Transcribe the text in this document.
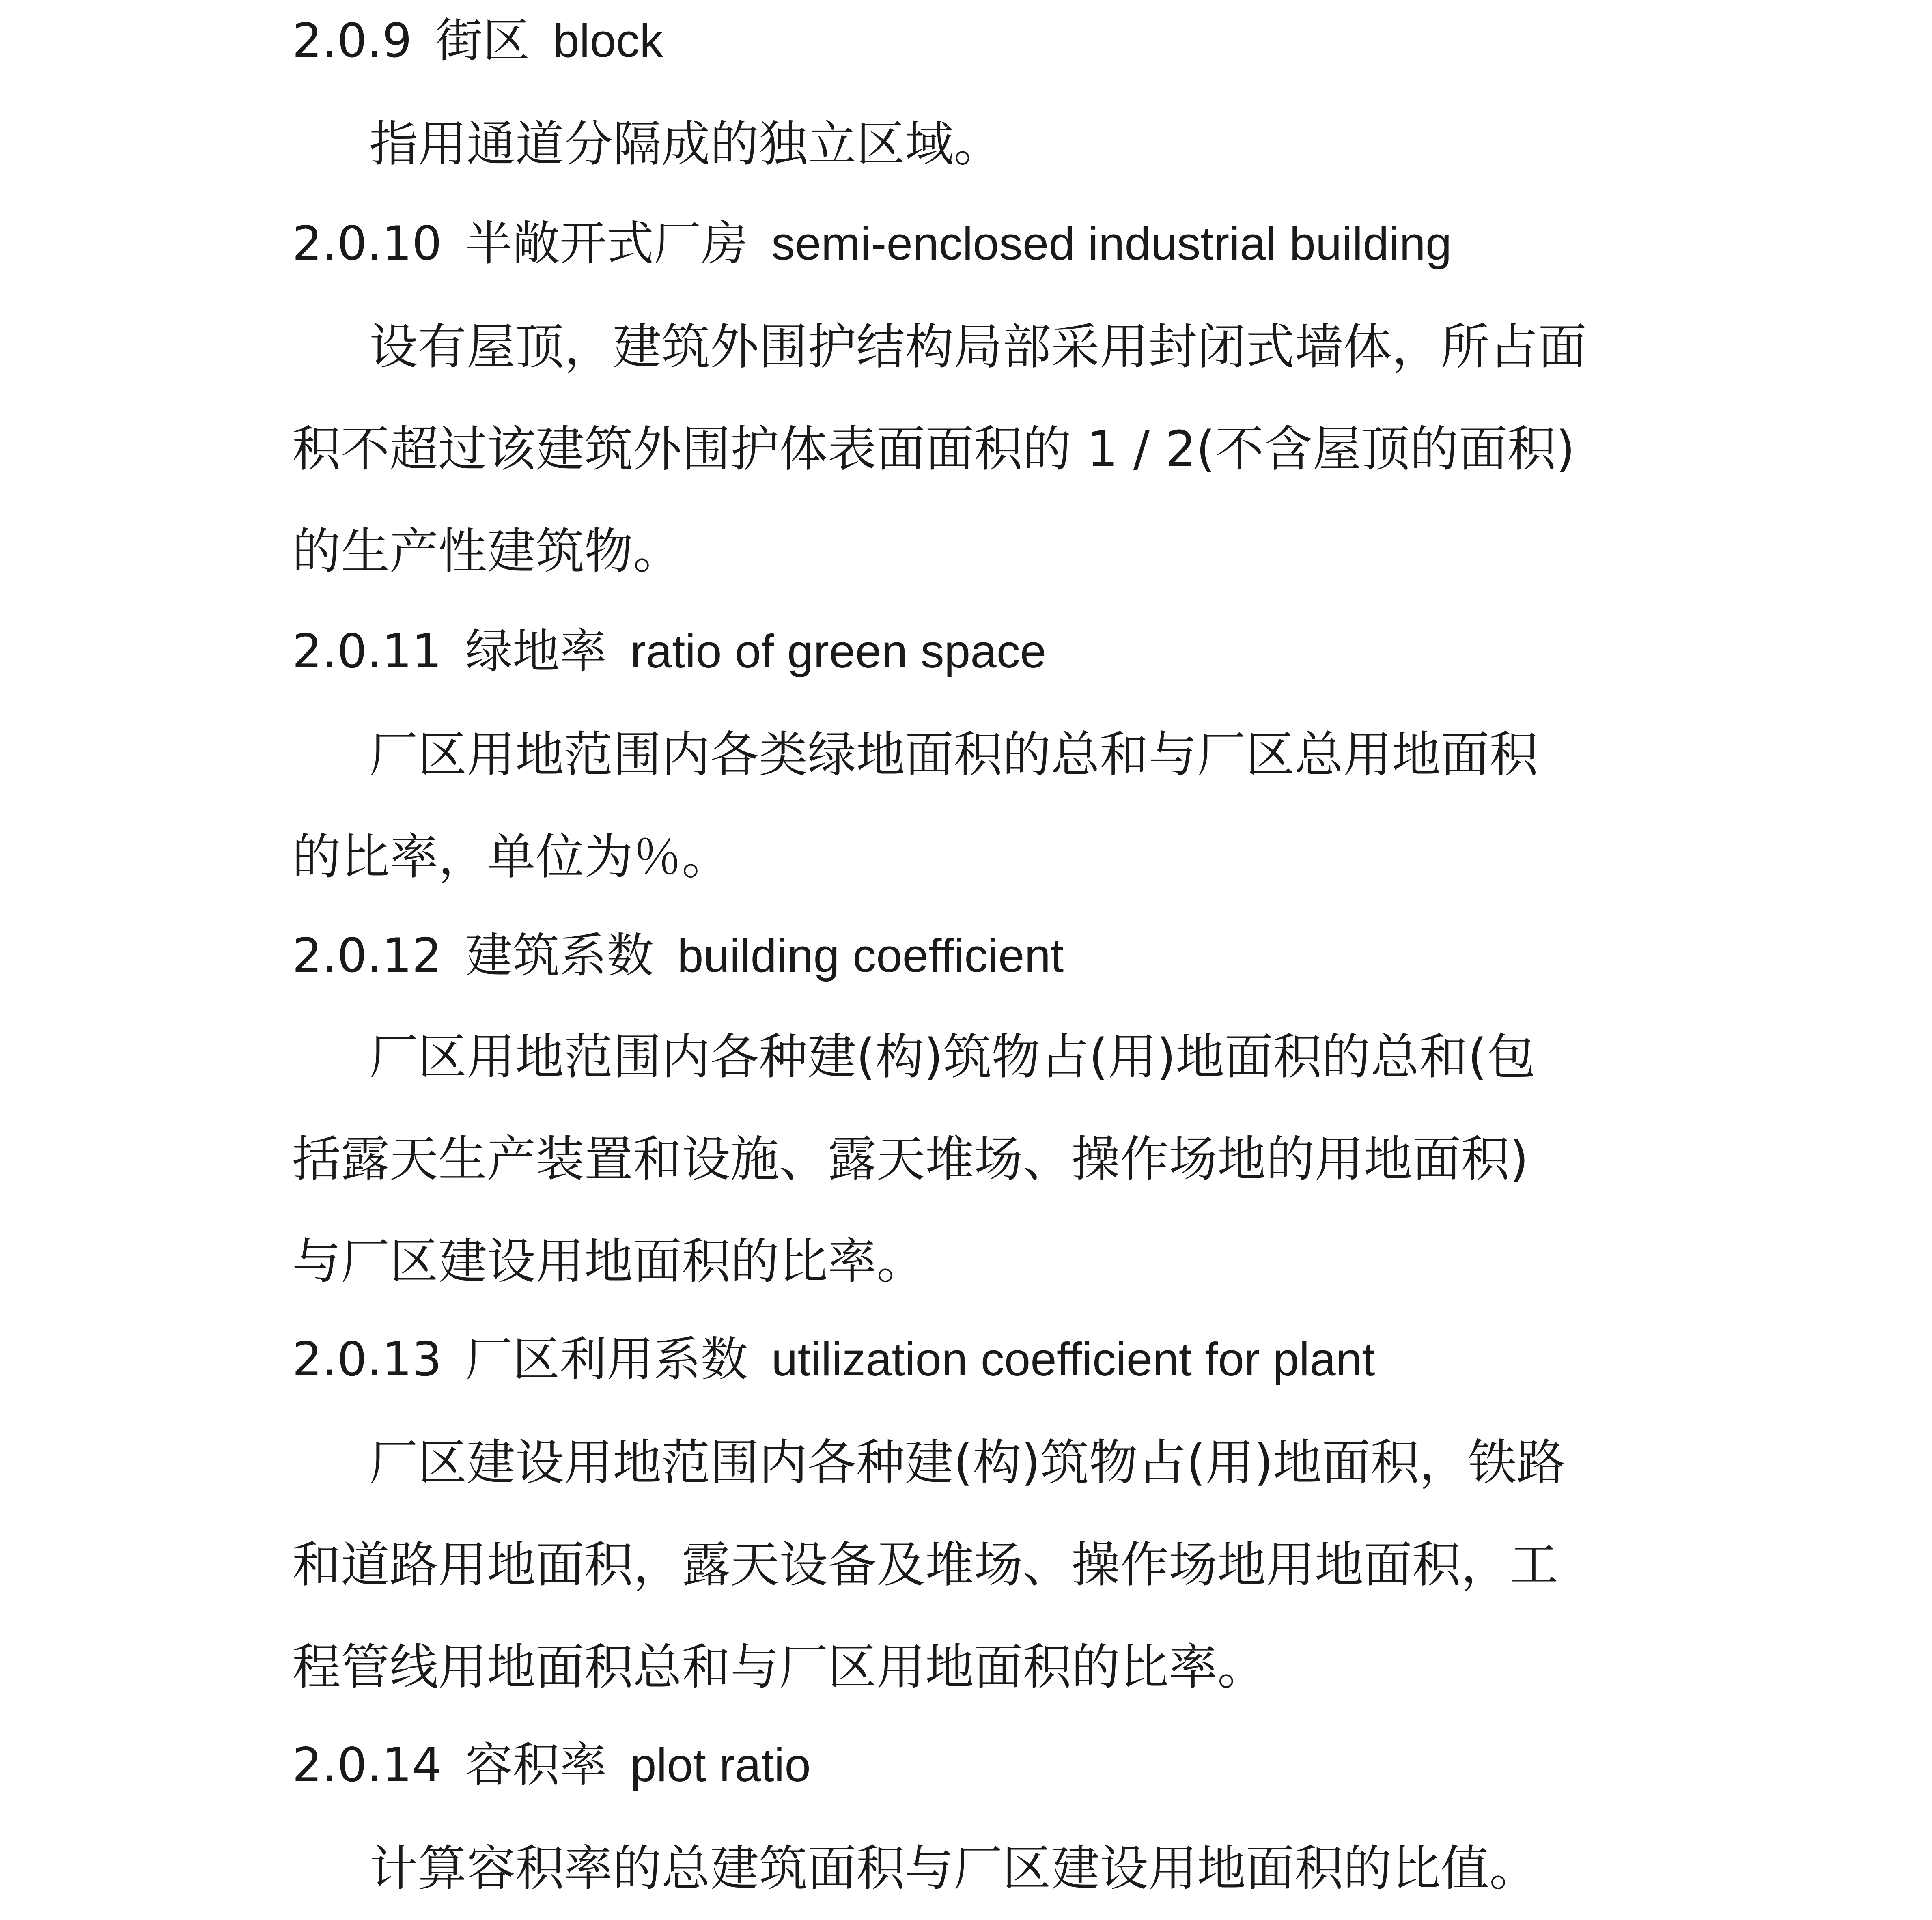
2.0.9 街区 block

指用通道分隔成的独立区域。

2.0.10 半敞开式厂房 semi-enclosed industrial building

设有屋顶，建筑外围护结构局部采用封闭式墙体，所占面
积不超过该建筑外围护体表面面积的 1 / 2(不含屋顶的面积)
的生产性建筑物。

2.0.11 绿地率 ratio of green space

厂区用地范围内各类绿地面积的总和与厂区总用地面积
的比率，单位为％。

2.0.12 建筑系数 building coefficient

厂区用地范围内各种建(构)筑物占(用)地面积的总和(包
括露天生产装置和设施、露天堆场、操作场地的用地面积)
与厂区建设用地面积的比率。

2.0.13 厂区利用系数 utilization coefficient for plant

厂区建设用地范围内各种建(构)筑物占(用)地面积，铁路
和道路用地面积，露天设备及堆场、操作场地用地面积，工
程管线用地面积总和与厂区用地面积的比率。

2.0.14 容积率 plot ratio

计算容积率的总建筑面积与厂区建设用地面积的比值。
